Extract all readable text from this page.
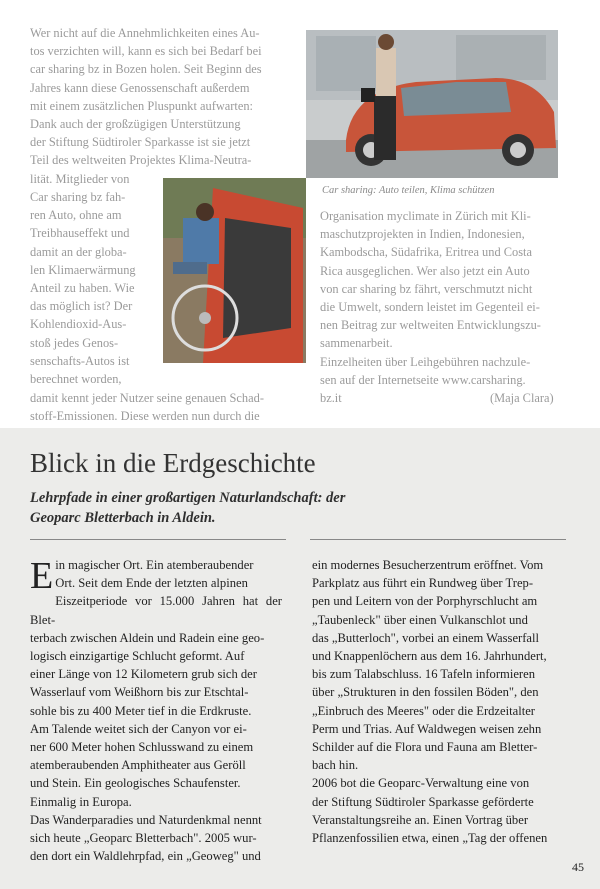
Wer nicht auf die Annehmlichkeiten eines Au-
tos verzichten will, kann es sich bei Bedarf bei
car sharing bz in Bozen holen. Seit Beginn des
Jahres kann diese Genossenschaft außerdem
mit einem zusätzlichen Pluspunkt aufwarten:
Dank auch der großzügigen Unterstützung
der Stiftung Südtiroler Sparkasse ist sie jetzt
Teil des weltweiten Projektes Klima-Neutra-
lität. Mitglieder von
Car sharing bz fah-
ren Auto, ohne am
Treibhauseffekt und
damit an der globa-
len Klimaerwärmung
Anteil zu haben. Wie
das möglich ist? Der
Kohlendioxid-Aus-
stoß jedes Genos-
senschafts-Autos ist
berechnet worden,
damit kennt jeder Nutzer seine genauen Schad-
stoff-Emissionen. Diese werden nun durch die
Car sharing: Auto teilen, Klima schützen
Organisation myclimate in Zürich mit Kli-
maschutzprojekten in Indien, Indonesien,
Kambodscha, Südafrika, Eritrea und Costa
Rica ausgeglichen. Wer also jetzt ein Auto
von car sharing bz fährt, verschmutzt nicht
die Umwelt, sondern leistet im Gegenteil ei-
nen Beitrag zur weltweiten Entwicklungszu-
sammenarbeit.
Einzelheiten über Leihgebühren nachzule-
sen auf der Internetseite www.carsharing.
bz.it	(Maja Clara)
Blick in die Erdgeschichte
Lehrpfade in einer großartigen Naturlandschaft: der Geoparc Bletterbach in Aldein.
E in magischer Ort. Ein atemberaubender
Ort. Seit dem Ende der letzten alpinen
Eiszeitperiode vor 15.000 Jahren hat der Blet-
terbach zwischen Aldein und Radein eine geo-
logisch einzigartige Schlucht geformt. Auf
einer Länge von 12 Kilometern grub sich der
Wasserlauf vom Weißhorn bis zur Etschtal-
sohle bis zu 400 Meter tief in die Erdkruste.
Am Talende weitet sich der Canyon vor ei-
ner 600 Meter hohen Schlusswand zu einem
atemberaubenden Amphitheater aus Geröll
und Stein. Ein geologisches Schaufenster.
Einmalig in Europa.
Das Wanderparadies und Naturdenkmal nennt
sich heute „Geoparc Bletterbach". 2005 wur-
den dort ein Waldlehrpfad, ein „Geoweg" und
ein modernes Besucherzentrum eröffnet. Vom
Parkplatz aus führt ein Rundweg über Trep-
pen und Leitern von der Porphyrschlucht am
„Taubenleck" über einen Vulkanschlot und
das „Butterloch", vorbei an einem Wasserfall
und Knappenlöchern aus dem 16. Jahrhundert,
bis zum Talabschluss. 16 Tafeln informieren
über „Strukturen in den fossilen Böden", den
„Einbruch des Meeres" oder die Erdzeitalter
Perm und Trias. Auf Waldwegen weisen zehn
Schilder auf die Flora und Fauna am Bletter-
bach hin.
2006 bot die Geoparc-Verwaltung eine von
der Stiftung Südtiroler Sparkasse geförderte
Veranstaltungsreihe an. Einen Vortrag über
Pflanzenfossilien etwa, einen „Tag der offenen
45
